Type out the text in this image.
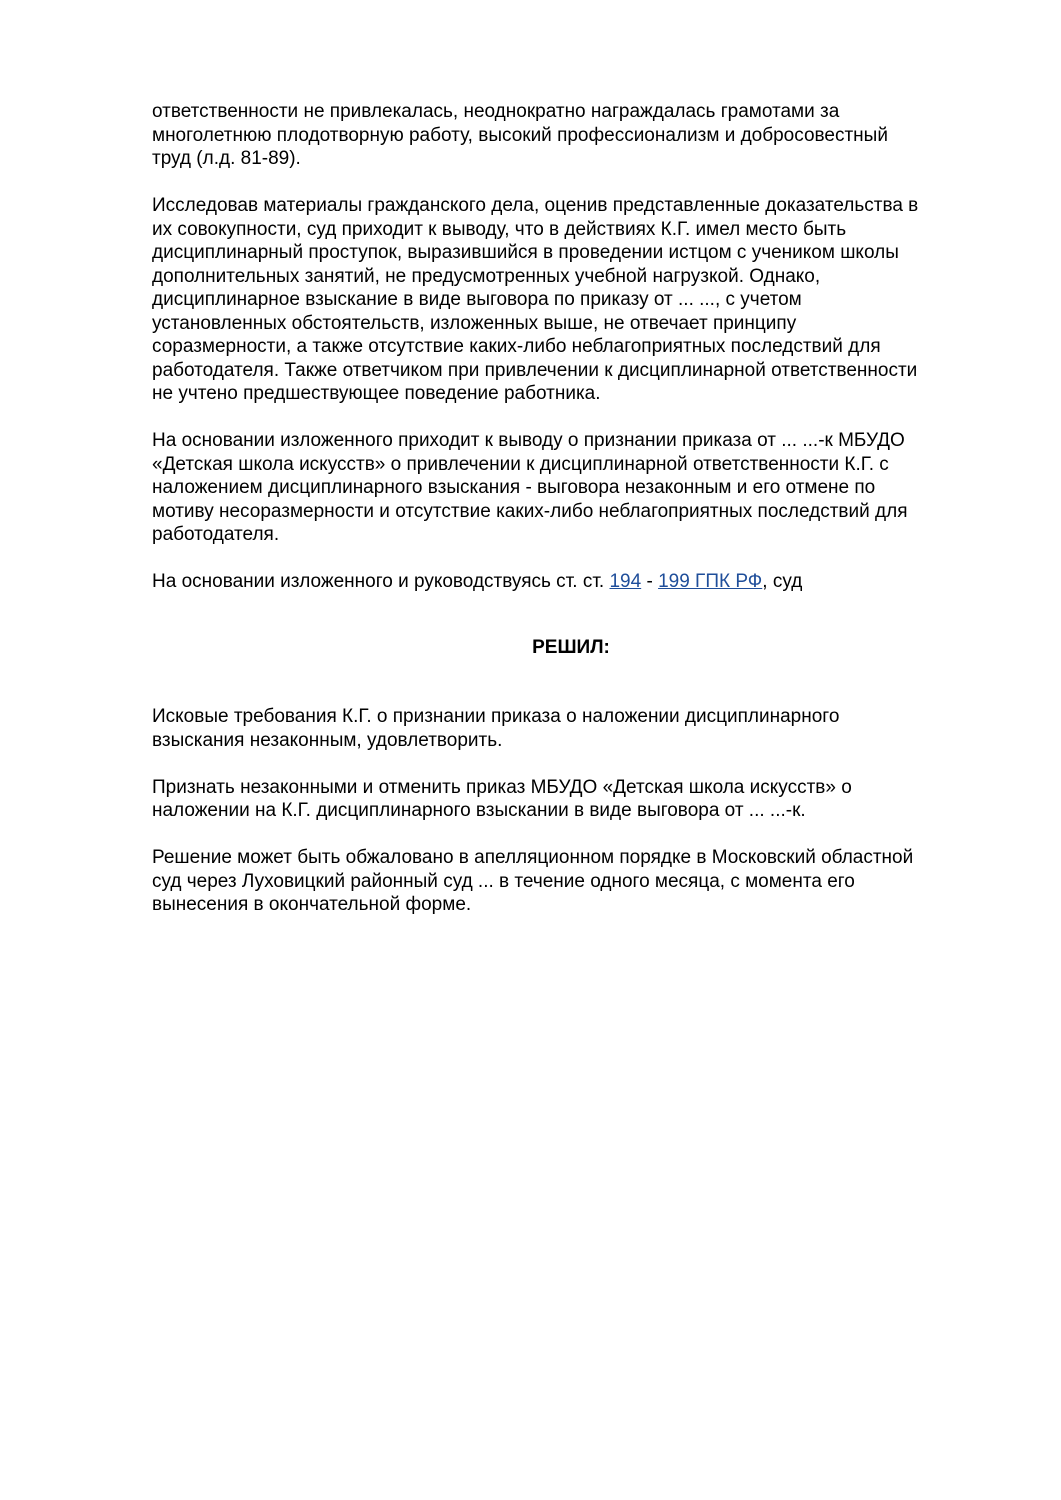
ответственности не привлекалась, неоднократно награждалась грамотами за
многолетнюю плодотворную работу, высокий профессионализм и добросовестный
труд (л.д. 81-89).

Исследовав материалы гражданского дела, оценив представленные доказательства в
их совокупности, суд приходит к выводу, что в действиях К.Г. имел место быть
дисциплинарный проступок, выразившийся в проведении истцом с учеником школы
дополнительных занятий, не предусмотренных учебной нагрузкой. Однако,
дисциплинарное взыскание в виде выговора по приказу от ... ..., с учетом
установленных обстоятельств, изложенных выше, не отвечает принципу
соразмерности, а также отсутствие каких-либо неблагоприятных последствий для
работодателя. Также ответчиком при привлечении к дисциплинарной ответственности
не учтено предшествующее поведение работника.

На основании изложенного приходит к выводу о признании приказа от ... ...-к МБУДО
«Детская школа искусств» о привлечении к дисциплинарной ответственности К.Г. с
наложением дисциплинарного взыскания - выговора незаконным и его отмене по
мотиву несоразмерности и отсутствие каких-либо неблагоприятных последствий для
работодателя.

На основании изложенного и руководствуясь ст. ст. 194 - 199 ГПК РФ, суд

РЕШИЛ:

Исковые требования К.Г. о признании приказа о наложении дисциплинарного
взыскания незаконным, удовлетворить.

Признать незаконными и отменить приказ МБУДО «Детская школа искусств» о
наложении на К.Г. дисциплинарного взыскании в виде выговора от ... ...-к.

Решение может быть обжаловано в апелляционном порядке в Московский областной
суд через Луховицкий районный суд ... в течение одного месяца, с момента его
вынесения в окончательной форме.
